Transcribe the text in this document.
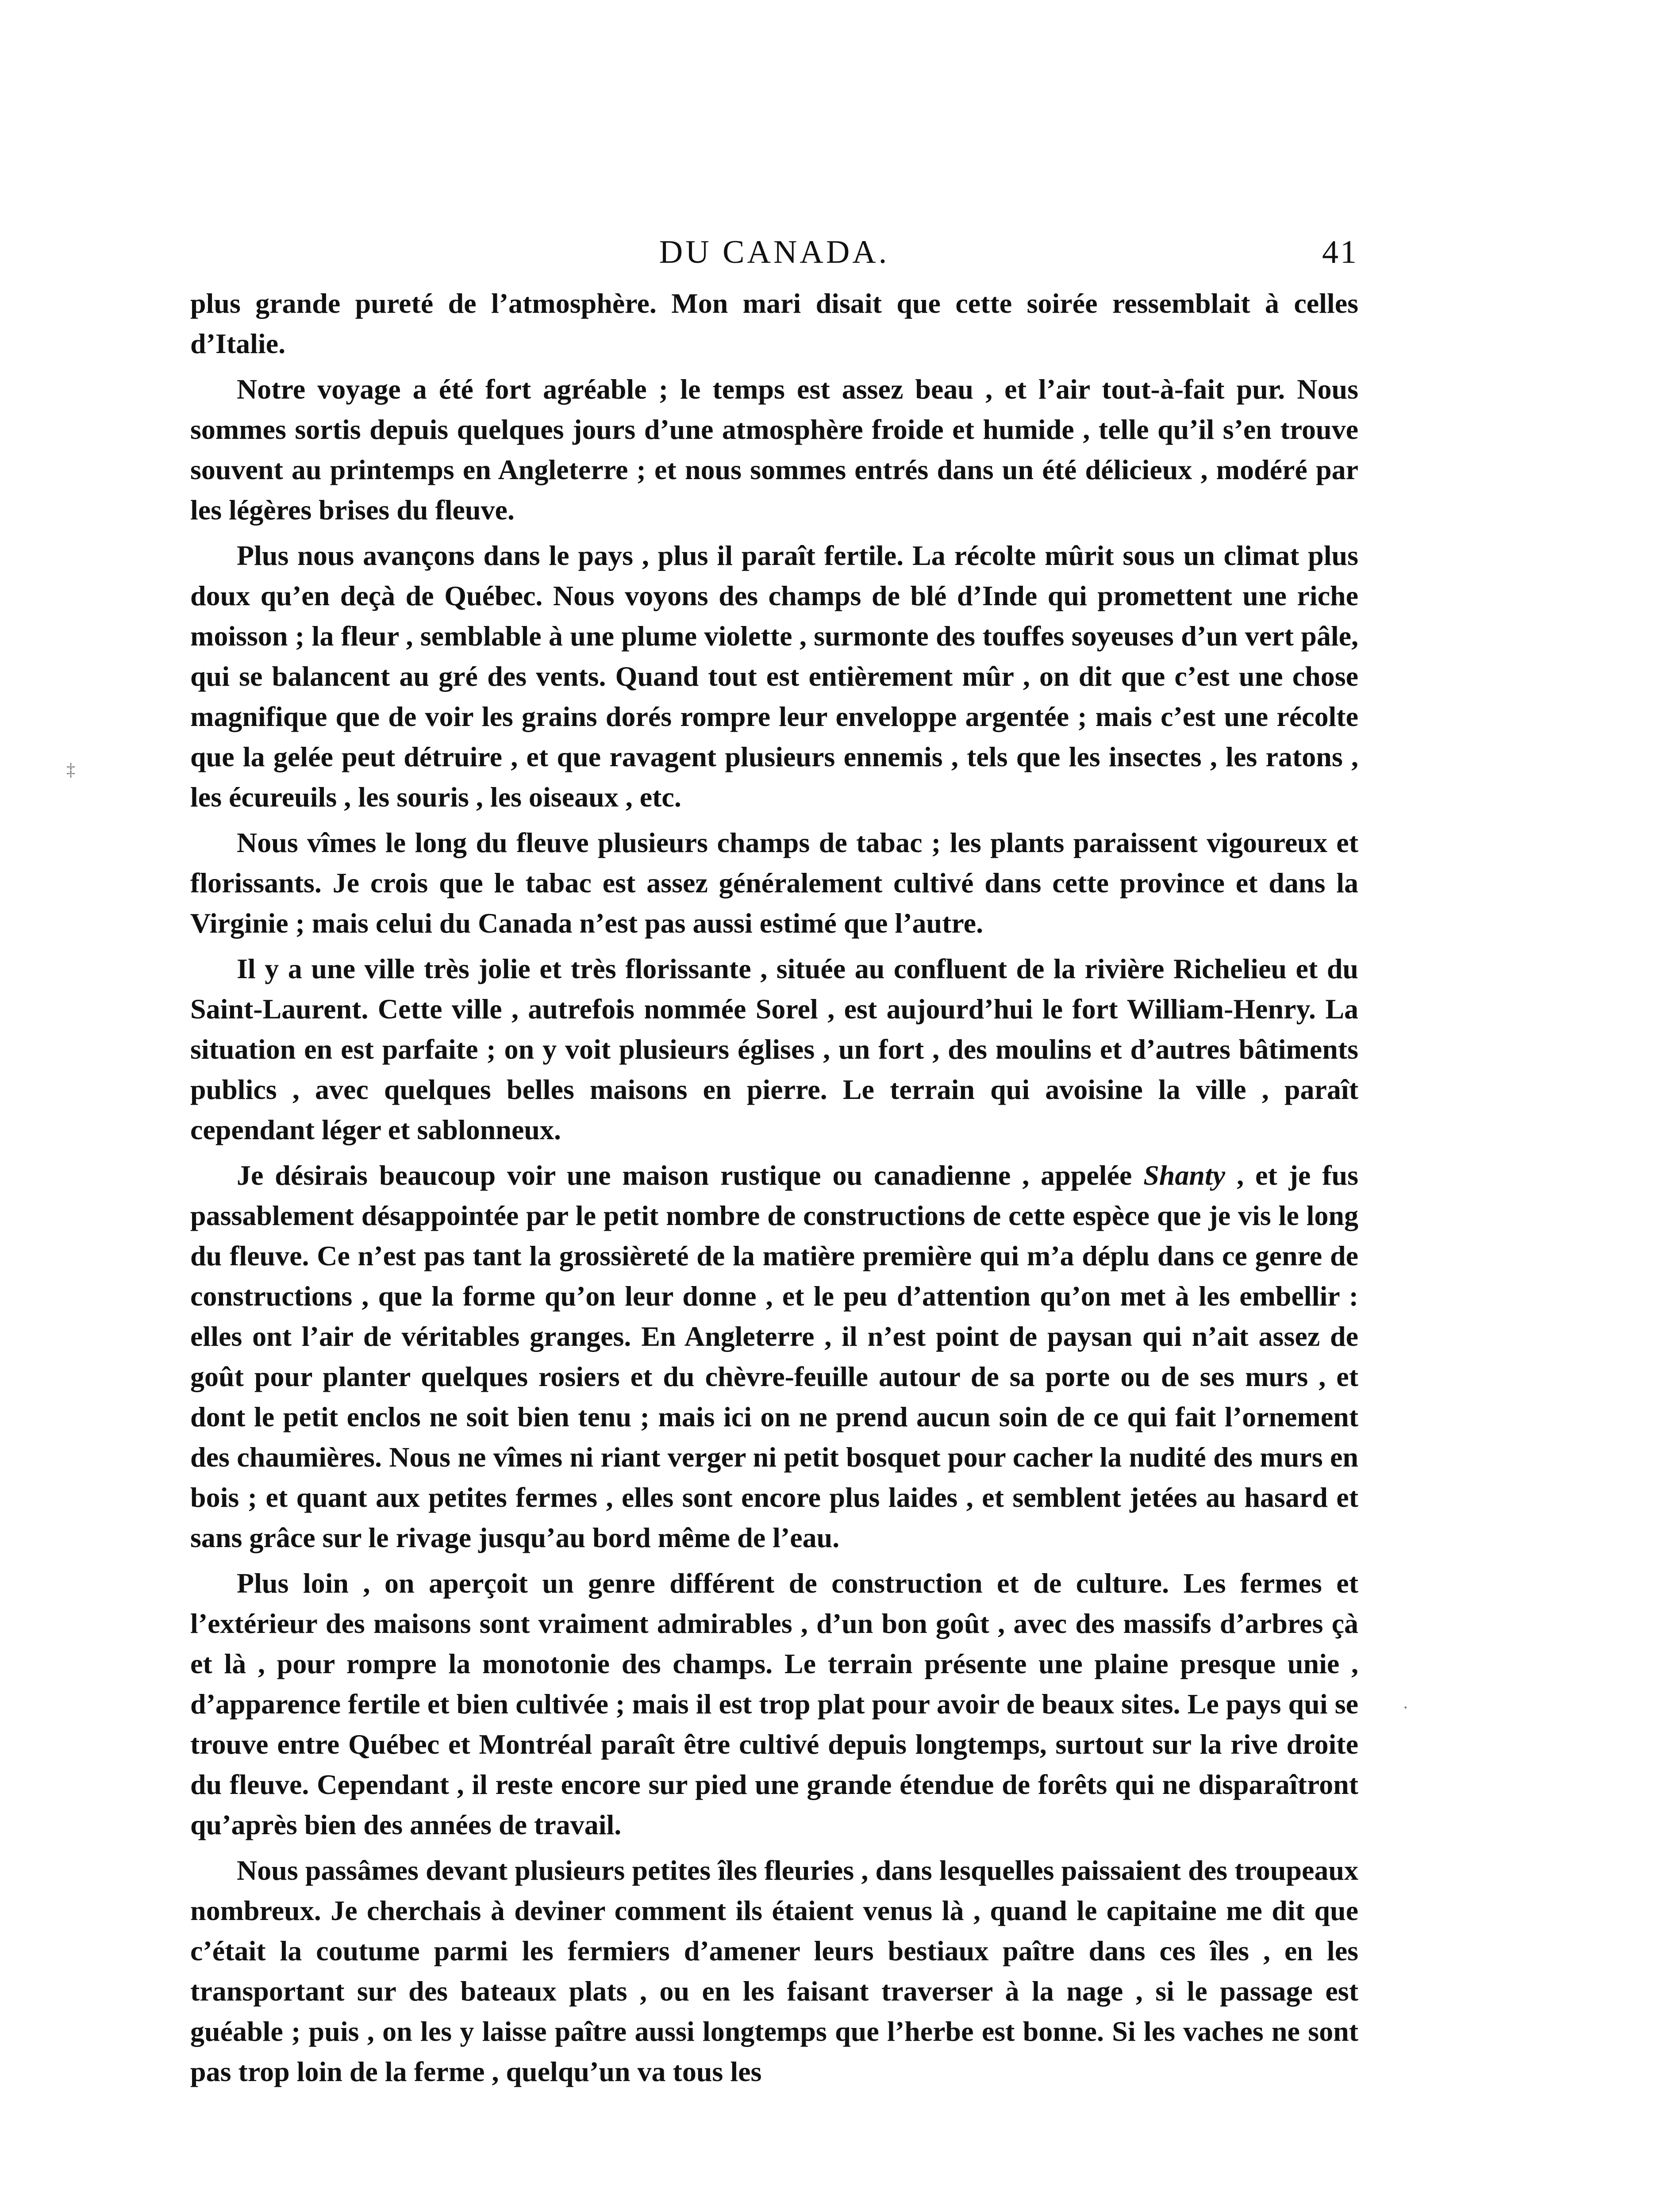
DU CANADA.	41

plus grande pureté de l’atmosphère. Mon mari disait que cette soirée ressemblait à celles d’Italie.

Notre voyage a été fort agréable ; le temps est assez beau , et l’air tout-à-fait pur. Nous sommes sortis depuis quelques jours d’une atmosphère froide et humide , telle qu’il s’en trouve souvent au printemps en Angleterre ; et nous sommes entrés dans un été délicieux , modéré par les légères brises du fleuve.

Plus nous avançons dans le pays , plus il paraît fertile. La récolte mûrit sous un climat plus doux qu’en deçà de Québec. Nous voyons des champs de blé d’Inde qui promettent une riche moisson ; la fleur , semblable à une plume violette , surmonte des touffes soyeuses d’un vert pâle, qui se balancent au gré des vents. Quand tout est entièrement mûr , on dit que c’est une chose magnifique que de voir les grains dorés rompre leur enveloppe argentée ; mais c’est une récolte que la gelée peut détruire , et que ravagent plusieurs ennemis , tels que les insectes , les ratons , les écureuils , les souris , les oiseaux , etc.

Nous vîmes le long du fleuve plusieurs champs de tabac ; les plants paraissent vigoureux et florissants. Je crois que le tabac est assez généralement cultivé dans cette province et dans la Virginie ; mais celui du Canada n’est pas aussi estimé que l’autre.

Il y a une ville très jolie et très florissante , située au confluent de la rivière Richelieu et du Saint-Laurent. Cette ville , autrefois nommée Sorel , est aujourd’hui le fort William-Henry. La situation en est parfaite ; on y voit plusieurs églises , un fort , des moulins et d’autres bâtiments publics , avec quelques belles maisons en pierre. Le terrain qui avoisine la ville , paraît cependant léger et sablonneux.

Je désirais beaucoup voir une maison rustique ou canadienne , appelée Shanty , et je fus passablement désappointée par le petit nombre de constructions de cette espèce que je vis le long du fleuve. Ce n’est pas tant la grossièreté de la matière première qui m’a déplu dans ce genre de constructions , que la forme qu’on leur donne , et le peu d’attention qu’on met à les embellir : elles ont l’air de véritables granges. En Angleterre , il n’est point de paysan qui n’ait assez de goût pour planter quelques rosiers et du chèvre-feuille autour de sa porte ou de ses murs , et dont le petit enclos ne soit bien tenu ; mais ici on ne prend aucun soin de ce qui fait l’ornement des chaumières. Nous ne vîmes ni riant verger ni petit bosquet pour cacher la nudité des murs en bois ; et quant aux petites fermes , elles sont encore plus laides , et semblent jetées au hasard et sans grâce sur le rivage jusqu’au bord même de l’eau.

Plus loin , on aperçoit un genre différent de construction et de culture. Les fermes et l’extérieur des maisons sont vraiment admirables , d’un bon goût , avec des massifs d’arbres çà et là , pour rompre la monotonie des champs. Le terrain présente une plaine presque unie , d’apparence fertile et bien cultivée ; mais il est trop plat pour avoir de beaux sites. Le pays qui se trouve entre Québec et Montréal paraît être cultivé depuis longtemps, surtout sur la rive droite du fleuve. Cependant , il reste encore sur pied une grande étendue de forêts qui ne disparaîtront qu’après bien des années de travail.

Nous passâmes devant plusieurs petites îles fleuries , dans lesquelles paissaient des troupeaux nombreux. Je cherchais à deviner comment ils étaient venus là , quand le capitaine me dit que c’était la coutume parmi les fermiers d’amener leurs bestiaux paître dans ces îles , en les transportant sur des bateaux plats , ou en les faisant traverser à la nage , si le passage est guéable ; puis , on les y laisse paître aussi longtemps que l’herbe est bonne. Si les vaches ne sont pas trop loin de la ferme , quelqu’un va tous les

‡
·
